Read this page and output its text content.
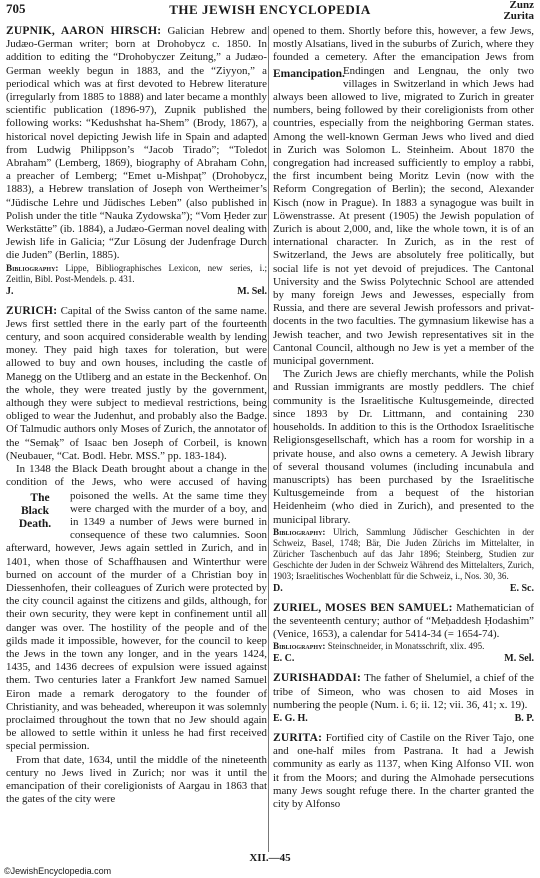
705	THE JEWISH ENCYCLOPEDIA	Zunz
Zurita

ZUPNIK, AARON HIRSCH: Galician Hebrew and Judæo-German writer; born at Drohobycz c. 1850. In addition to editing the “Drohobyczer Zeitung,” a Judæo-German weekly begun in 1883, and the “Ziyyon,” a periodical which was at first devoted to Hebrew literature (irregularly from 1885 to 1888) and later became a monthly scientific publication (1896-97), Zupnik published the following works: “Kedushshat ha-Shem” (Brody, 1867), a historical novel depicting Jewish life in Spain and adapted from Ludwig Philippson’s “Jacob Tirado”; “Toledot Abraham” (Lemberg, 1869), biography of Abraham Cohn, a preacher of Lemberg; “Emet u-Mishpaṭ” (Drohobycz, 1883), a Hebrew translation of Joseph von Wertheimer’s “Jüdische Lehre und Jüdisches Leben” (also published in Polish under the title “Nauka Zydowska”); “Vom Ḥeder zur Werkstätte” (ib. 1884), a Judæo-German novel dealing with Jewish life in Galicia; “Zur Lösung der Judenfrage Durch die Juden” (Berlin, 1885).

Bibliography: Lippe, Bibliographisches Lexicon, new series, i.; Zeitlin, Bibl. Post-Mendels. p. 431.

J.	M. Sel.

ZURICH: Capital of the Swiss canton of the same name. Jews first settled there in the early part of the fourteenth century, and soon acquired considerable wealth by lending money. They paid high taxes for toleration, but were allowed to buy and own houses, including the castle of Manegg on the Utliberg and an estate in the Beckenhof. On the whole, they were treated justly by the government, although they were subject to medieval restrictions, being obliged to wear the Judenhut, and probably also the Badge. Of Talmudic authors only Moses of Zurich, the annotator of the “Semaḳ” of Isaac ben Joseph of Corbeil, is known (Neubauer, “Cat. Bodl. Hebr. MSS.” pp. 183-184).

In 1348 the Black Death brought about a change in the condition of the Jews, who were accused of having poisoned the wells. At the same time
The Black Death.
they were charged with the murder of a boy, and in 1349 a number of Jews were burned in consequence of these two calumnies. Soon afterward, however, Jews again settled in Zurich, and in 1401, when those of Schaffhausen and Winterthur were burned on account of the murder of a Christian boy in Diessenhofen, their colleagues of Zurich were protected by the city council against the citizens and gilds, although, for their own security, they were kept in confinement until all danger was over. The hostility of the people and of the gilds made it impossible, however, for the council to keep the Jews in the town any longer, and in the years 1424, 1435, and 1436 decrees of expulsion were issued against them. Two centuries later a Frankfort Jew named Samuel Eiron made a remark derogatory to the founder of Christianity, and was beheaded, whereupon it was solemnly proclaimed throughout the town that no Jew should again be allowed to settle within it unless he had first received special permission.

From that date, 1634, until the middle of the nineteenth century no Jews lived in Zurich; nor was it until the emancipation of their coreligionists of Aargau in 1863 that the gates of the city were

opened to them. Shortly before this, however, a few Jews, mostly Alsatians, lived in the suburbs of Zurich, where they founded a cemetery. After the emancipation Jews from Endingen and Lengnau,
Emancipation.	the only two villages in Switzerland in which Jews had always been allowed to live, migrated to Zurich in greater numbers, being followed by their coreligionists from other countries, especially from the neighboring German states. Among the well-known German Jews who lived and died in Zurich was Solomon L. Steinheim. About 1870 the congregation had increased sufficiently to employ a rabbi, the first incumbent being Moritz Levin (now with the Reform Congregation of Berlin); the second, Alexander Kisch (now in Prague). In 1883 a synagogue was built in Löwenstrasse. At present (1905) the Jewish population of Zurich is about 2,000, and, like the whole town, it is of an international character. In Zurich, as in the rest of Switzerland, the Jews are absolutely free politically, but social life is not yet devoid of prejudices. The Cantonal University and the Swiss Polytechnic School are attended by many foreign Jews and Jewesses, especially from Russia, and there are several Jewish professors and privat-docents in the two faculties. The gymnasium likewise has a Jewish teacher, and two Jewish representatives sit in the Cantonal Council, although no Jew is yet a member of the municipal government.

The Zurich Jews are chiefly merchants, while the Polish and Russian immigrants are mostly peddlers. The chief community is the Israelitische Kultusgemeinde, directed since 1893 by Dr. Littmann, and containing 230 households. In addition to this is the Orthodox Israelitische Religionsgesellschaft, which has a room for worship in a private house, and also owns a cemetery. A Jewish library of several thousand volumes (including incunabula and manuscripts) has been purchased by the Israelitische Kultusgemeinde from a bequest of the historian Heidenheim (who died in Zurich), and presented to the municipal library.

Bibliography: Ulrich, Sammlung Jüdischer Geschichten in der Schweiz, Basel, 1748; Bär, Die Juden Zürichs im Mittelalter, in Züricher Taschenbuch auf das Jahr 1896; Steinberg, Studien zur Geschichte der Juden in der Schweiz Während des Mittelalters, Zurich, 1903; Israelitisches Wochenblatt für die Schweiz, i., Nos. 30, 36.

D.	E. Sc.

ZURIEL, MOSES BEN SAMUEL: Mathematician of the seventeenth century; author of “Meḥaddesh Ḥodashim” (Venice, 1653), a calendar for 5414-34 (= 1654-74).

Bibliography: Steinschneider, in Monatsschrift, xlix. 495.

E. C.	M. Sel.

ZURISHADDAI: The father of Shelumiel, a chief of the tribe of Simeon, who was chosen to aid Moses in numbering the people (Num. i. 6; ii. 12; vii. 36, 41; x. 19).

E. G. H.	B. P.

ZURITA: Fortified city of Castile on the River Tajo, one and one-half miles from Pastrana. It had a Jewish community as early as 1137, when King Alfonso VII. won it from the Moors; and during the Almohade persecutions many Jews sought refuge there. In the charter granted the city by Alfonso

XII.—45
©JewishEncyclopedia.com
